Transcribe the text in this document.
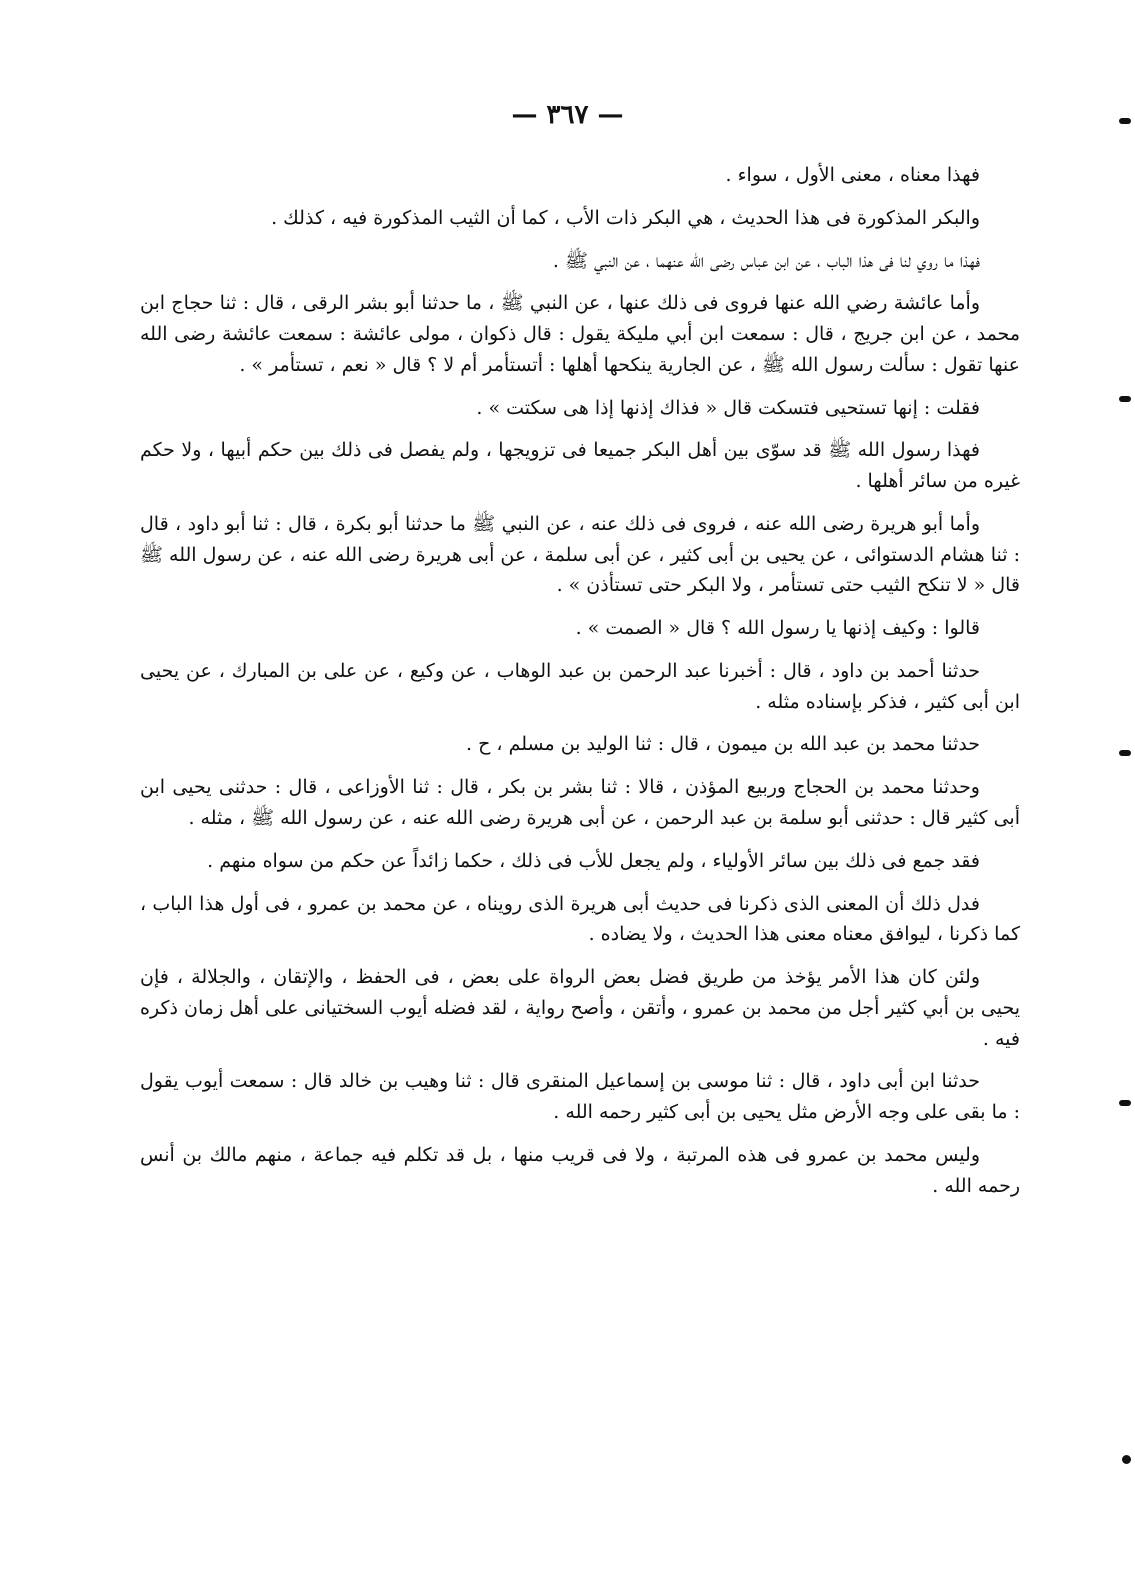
— ٣٦٧ —

فهذا معناه ، معنى الأول ، سواء .

والبكر المذكورة فى هذا الحديث ، هي البكر ذات الأب ، كما أن الثيب المذكورة فيه ، كذلك .

فهذا ما روي لنا فى هذا الباب ، عن ابن عباس رضى الله عنهما ، عن النبي ﷺ .

وأما عائشة رضي الله عنها فروى فى ذلك عنها ، عن النبي ﷺ ، ما حدثنا أبو بشر الرقى ، قال : ثنا حجاج ابن محمد ، عن ابن جريج ، قال : سمعت ابن أبي مليكة يقول : قال ذكوان ، مولى عائشة : سمعت عائشة رضى الله عنها تقول : سألت رسول الله ﷺ ، عن الجارية ينكحها أهلها : أتستأمر أم لا ؟ قال « نعم ، تستأمر » .

فقلت : إنها تستحيى فتسكت قال « فذاك إذنها إذا هى سكتت » .

فهذا رسول الله ﷺ قد سوّى بين أهل البكر جميعا فى تزويجها ، ولم يفصل فى ذلك بين حكم أبيها ، ولا حكم غيره من سائر أهلها .

وأما أبو هريرة رضى الله عنه ، فروى فى ذلك عنه ، عن النبي ﷺ ما حدثنا أبو بكرة ، قال : ثنا أبو داود ، قال : ثنا هشام الدستوائى ، عن يحيى بن أبى كثير ، عن أبى سلمة ، عن أبى هريرة رضى الله عنه ، عن رسول الله ﷺ قال « لا تنكح الثيب حتى تستأمر ، ولا البكر حتى تستأذن » .

قالوا : وكيف إذنها يا رسول الله ؟ قال « الصمت » .

حدثنا أحمد بن داود ، قال : أخبرنا عبد الرحمن بن عبد الوهاب ، عن وكيع ، عن على بن المبارك ، عن يحيى ابن أبى كثير ، فذكر بإسناده مثله .

حدثنا محمد بن عبد الله بن ميمون ، قال : ثنا الوليد بن مسلم ، ح .

وحدثنا محمد بن الحجاج وربيع المؤذن ، قالا : ثنا بشر بن بكر ، قال : ثنا الأوزاعى ، قال : حدثنى يحيى ابن أبى كثير قال : حدثنى أبو سلمة بن عبد الرحمن ، عن أبى هريرة رضى الله عنه ، عن رسول الله ﷺ ، مثله .

فقد جمع فى ذلك بين سائر الأولياء ، ولم يجعل للأب فى ذلك ، حكما زائداً عن حكم من سواه منهم .

فدل ذلك أن المعنى الذى ذكرنا فى حديث أبى هريرة الذى رويناه ، عن محمد بن عمرو ، فى أول هذا الباب ، كما ذكرنا ، ليوافق معناه معنى هذا الحديث ، ولا يضاده .

ولئن كان هذا الأمر يؤخذ من طريق فضل بعض الرواة على بعض ، فى الحفظ ، والإتقان ، والجلالة ، فإن يحيى بن أبي كثير أجل من محمد بن عمرو ، وأتقن ، وأصح رواية ، لقد فضله أيوب السختيانى على أهل زمان ذكره فيه .

حدثنا ابن أبى داود ، قال : ثنا موسى بن إسماعيل المنقرى قال : ثنا وهيب بن خالد قال : سمعت أيوب يقول : ما بقى على وجه الأرض مثل يحيى بن أبى كثير رحمه الله .

وليس محمد بن عمرو فى هذه المرتبة ، ولا فى قريب منها ، بل قد تكلم فيه جماعة ، منهم مالك بن أنس رحمه الله .
